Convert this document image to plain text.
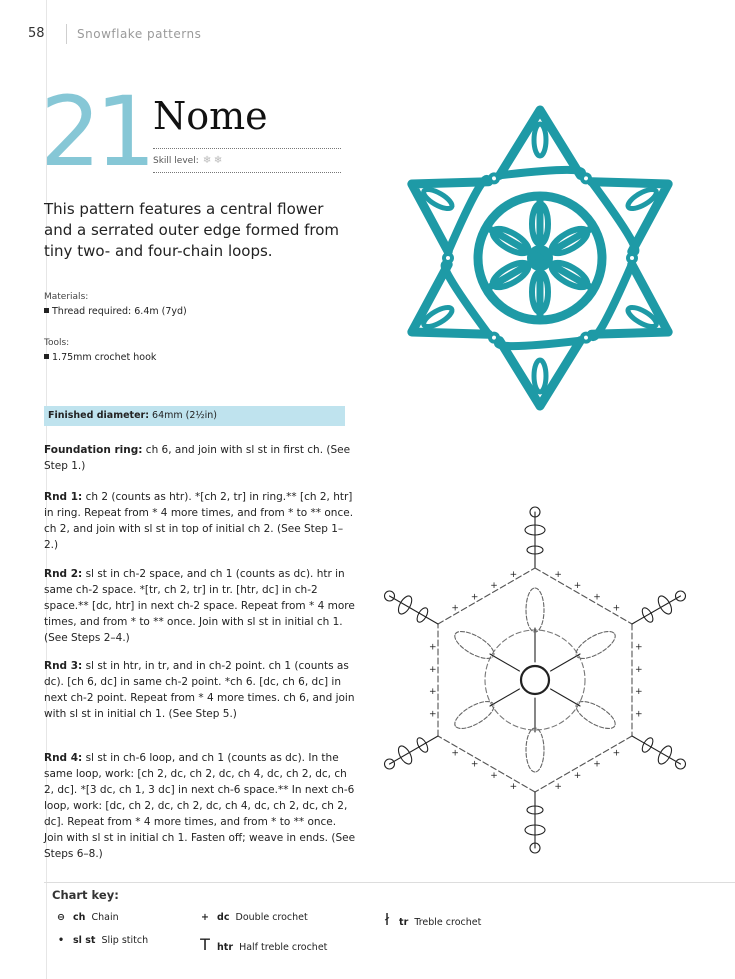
58	Snowflake patterns
21 Nome
Skill level: ❄ ❄
This pattern features a central flower and a serrated outer edge formed from tiny two- and four-chain loops.
Materials:
Thread required: 6.4m (7yd)
Tools:
1.75mm crochet hook
Finished diameter: 64mm (2½in)
Foundation ring: ch 6, and join with sl st in first ch. (See Step 1.)
Rnd 1: ch 2 (counts as htr). *[ch 2, tr] in ring.** [ch 2, htr] in ring. Repeat from * 4 more times, and from * to ** once. ch 2, and join with sl st in top of initial ch 2. (See Step 1–2.)
Rnd 2: sl st in ch-2 space, and ch 1 (counts as dc). htr in same ch-2 space. *[tr, ch 2, tr] in tr. [htr, dc] in ch-2 space.** [dc, htr] in next ch-2 space. Repeat from * 4 more times, and from * to ** once. Join with sl st in initial ch 1. (See Steps 2–4.)
Rnd 3: sl st in htr, in tr, and in ch-2 point. ch 1 (counts as dc). [ch 6, dc] in same ch-2 point. *ch 6. [dc, ch 6, dc] in next ch-2 point. Repeat from * 4 more times. ch 6, and join with sl st in initial ch 1. (See Step 5.)
Rnd 4: sl st in ch-6 loop, and ch 1 (counts as dc). In the same loop, work: [ch 2, dc, ch 2, dc, ch 4, dc, ch 2, dc, ch 2, dc]. *[3 dc, ch 1, 3 dc] in next ch-6 space.** In next ch-6 loop, work: [dc, ch 2, dc, ch 2, dc, ch 4, dc, ch 2, dc, ch 2, dc]. Repeat from * 4 more times, and from * to ** once. Join with sl st in initial ch 1. Fasten off; weave in ends. (See Steps 6–8.)
+
+
+
+
+
+
+
+
+
+
+
+
+
+
+
+
+
+
+
+
+
+
+
+
Chart key:
⊖ ch Chain
• sl st Slip stitch
+ dc Double crochet
T htr Half treble crochet
ł tr Treble crochet
